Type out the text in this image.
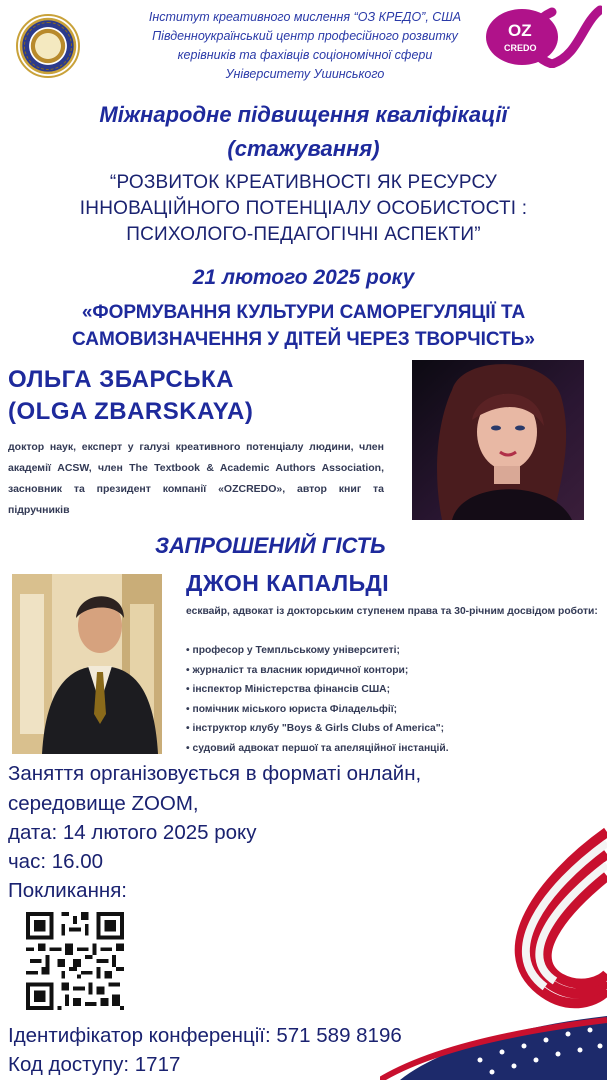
Інститут креативного мислення “ОЗ КРЕДО”, США
Південноукраїнський центр професійного розвитку
керівників та фахівців соціономічної сфери
Університету Ушинського
OZ
CREDO
Міжнародне підвищення кваліфікації
(стажування)
“РОЗВИТОК КРЕАТИВНОСТІ ЯК РЕСУРСУ
ІННОВАЦІЙНОГО ПОТЕНЦІАЛУ ОСОБИСТОСТІ :
ПСИХОЛОГО-ПЕДАГОГІЧНІ АСПЕКТИ”
21 лютого 2025 року
«ФОРМУВАННЯ КУЛЬТУРИ САМОРЕГУЛЯЦІЇ ТА
САМОВИЗНАЧЕННЯ У ДІТЕЙ ЧЕРЕЗ ТВОРЧІСТЬ»
ОЛЬГА ЗБАРСЬКА
(OLGA ZBARSKAYA)
доктор наук, експерт у галузі креативного потенціалу людини, член академії ACSW, член The Textbook & Academic Authors Association, засновник та президент компанії «OZCREDO», автор книг та підручників
ЗАПРОШЕНИЙ ГІСТЬ
ДЖОН КАПАЛЬДІ
есквайр, адвокат із докторським ступенем права та 30-річним досвідом роботи:
• професор у Темпльському університеті;
• журналіст та власник юридичної контори;
• інспектор Міністерства фінансів США;
• помічник міського юриста Філадельфії;
• інструктор клубу "Boys & Girls Clubs of America";
• судовий адвокат першої та апеляційної інстанцій.
Заняття організовується в форматі онлайн,
середовище ZOOM,
дата: 14 лютого 2025 року
час: 16.00
Покликання:
Ідентифікатор конференції: 571 589 8196
Код доступу: 1717
